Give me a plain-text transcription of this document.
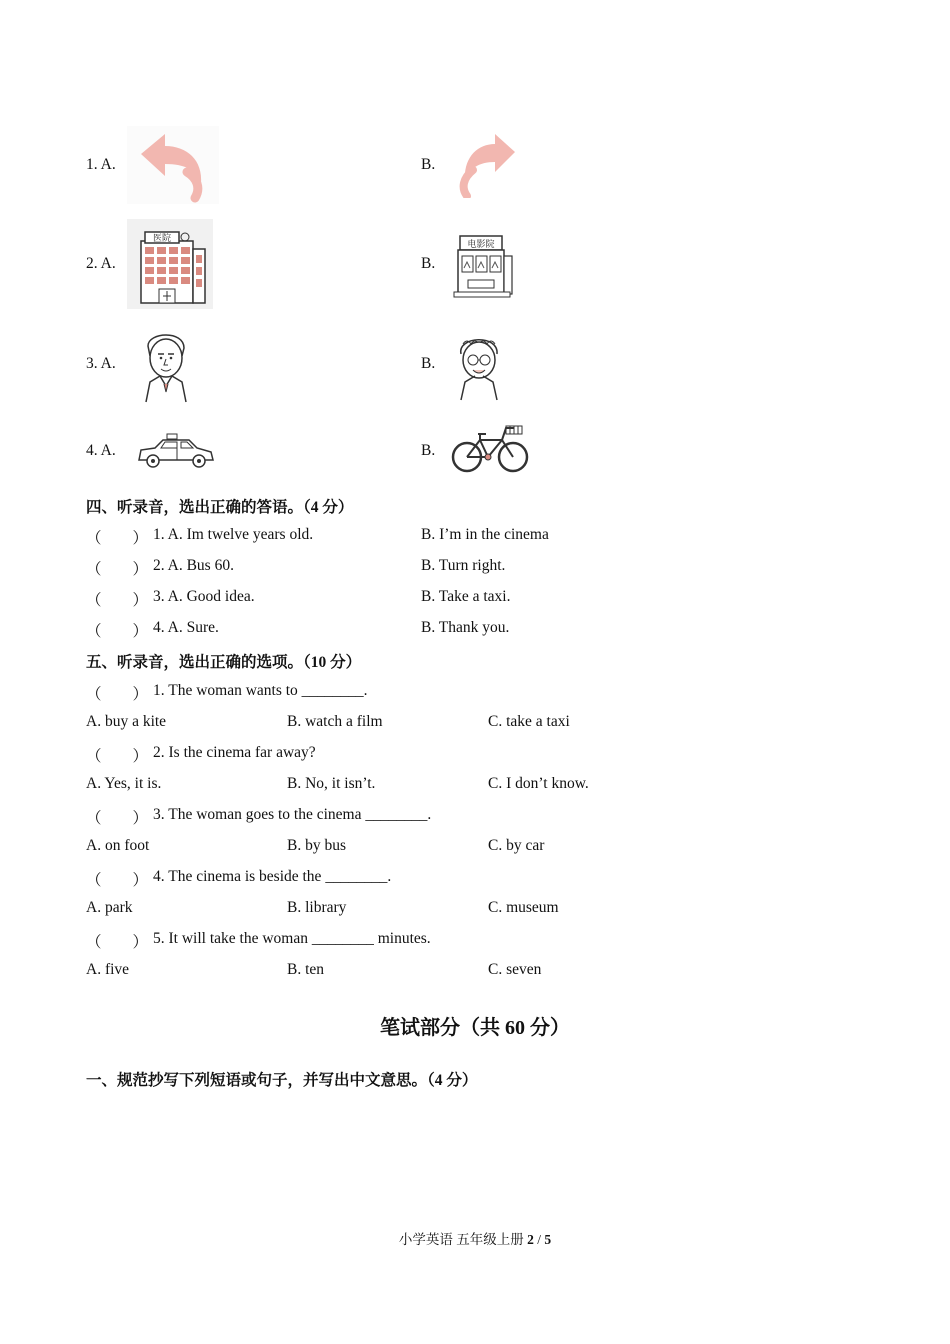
1. A.	B.
2. A.
医院
B.
电影院
3. A.	B.
4. A.	B.
四、听录音，选出正确的答语。（4 分）
（　　） 1. A. Im twelve years old.	B. I’m in the cinema
（　　） 2. A. Bus 60.	B. Turn right.
（　　） 3. A. Good idea.	B. Take a taxi.
（　　） 4. A. Sure.	B. Thank you.
五、听录音，选出正确的选项。（10 分）
（　　） 1. The woman wants to ________.
A. buy a kite	B. watch a film	C. take a taxi
（　　） 2. Is the cinema far away?
A. Yes, it is.	B. No, it isn’t.	C. I don’t know.
（　　） 3. The woman goes to the cinema ________.
A. on foot	B. by bus	C. by car
（　　） 4. The cinema is beside the ________.
A. park	B. library	C. museum
（　　） 5. It will take the woman ________ minutes.
A. five	B. ten	C. seven
笔试部分（共 60 分）
一、规范抄写下列短语或句子，并写出中文意思。（4 分）
小学英语 五年级上册 2 / 5
